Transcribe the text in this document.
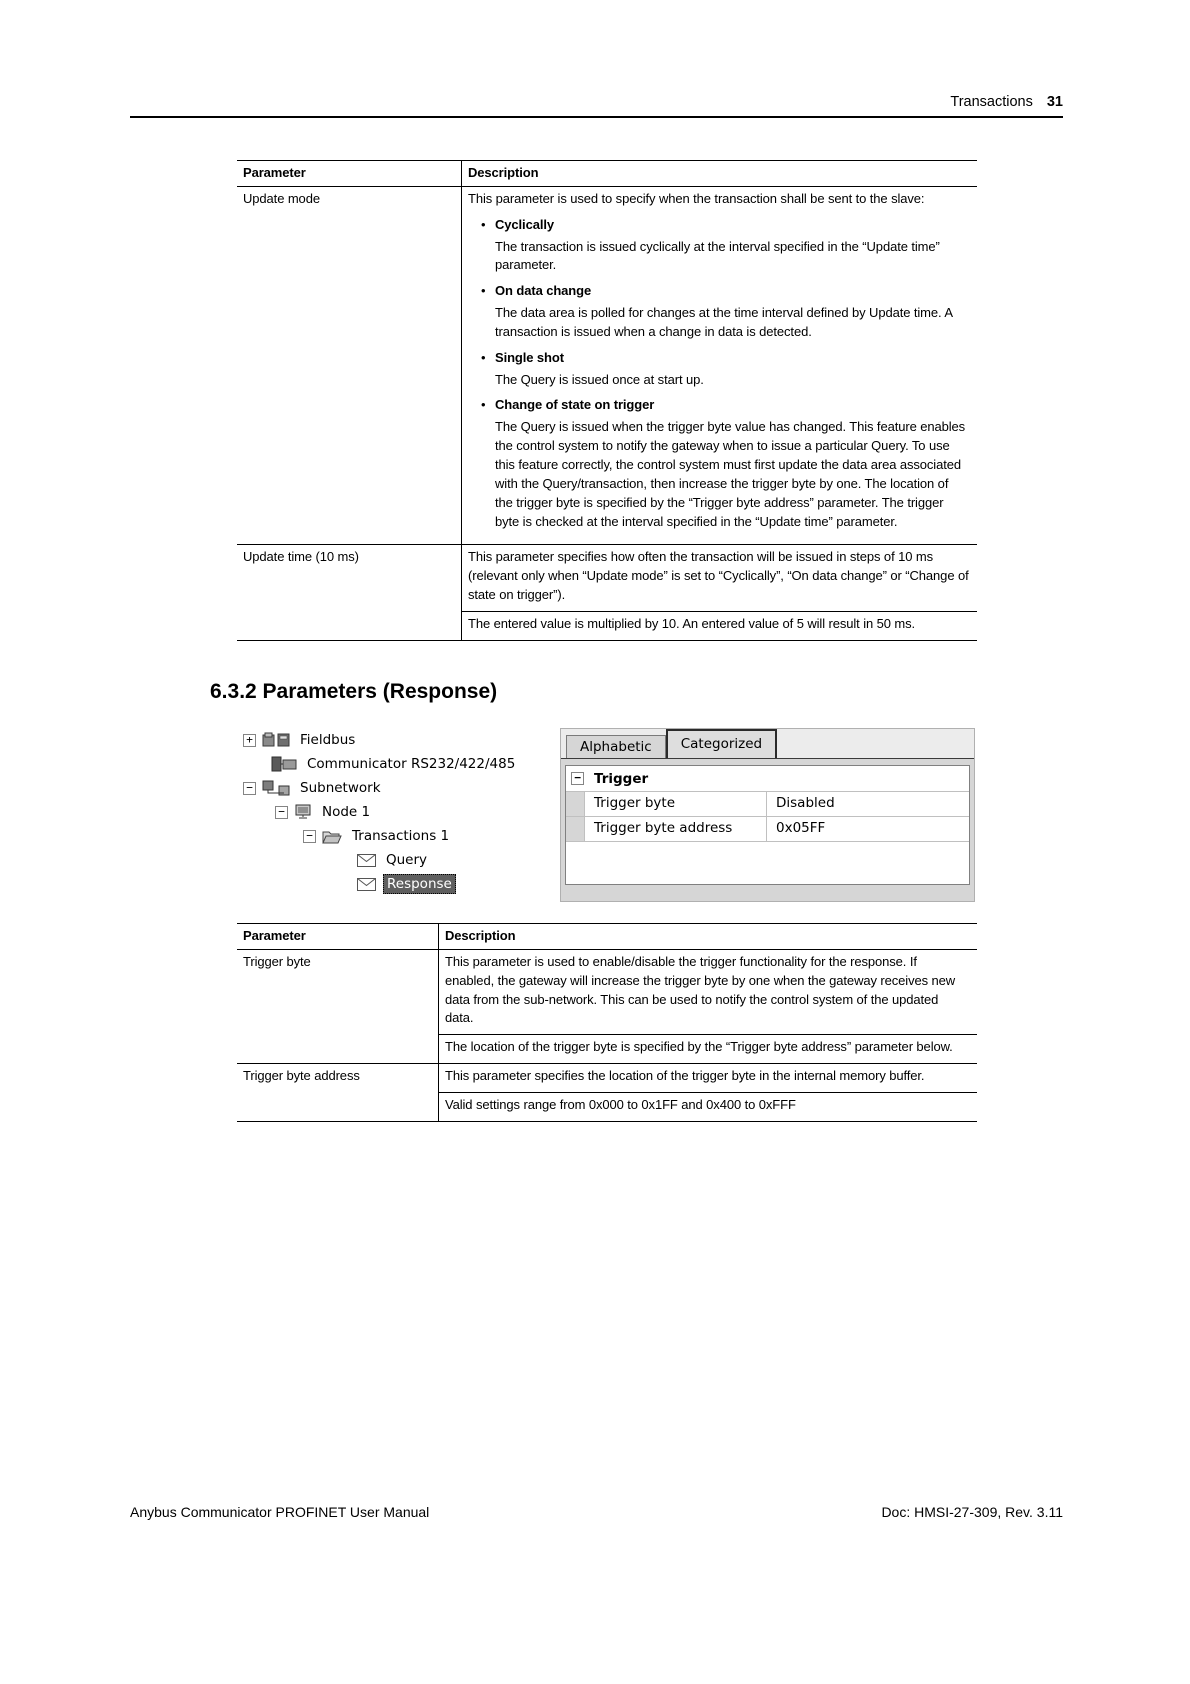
Transactions 31
Parameter	Description
Update mode	This parameter is used to specify when the transaction shall be sent to the slave:

• Cyclically

The transaction is issued cyclically at the interval specified in the “Update time” parameter.

• On data change

The data area is polled for changes at the time interval defined by Update time. A transaction is issued when a change in data is detected.

• Single shot

The Query is issued once at start up.

• Change of state on trigger

The Query is issued when the trigger byte value has changed. This feature enables the control system to notify the gateway when to issue a particular Query. To use this feature correctly, the control system must first update the data area associated with the Query/transaction, then increase the trigger byte by one. The location of the trigger byte is specified by the “Trigger byte address” parameter. The trigger byte is checked at the interval specified in the “Update time” parameter.

Update time (10 ms)	This parameter specifies how often the transaction will be issued in steps of 10 ms (relevant only when “Update mode” is set to “Cyclically”, “On data change” or “Change of state on trigger”).

The entered value is multiplied by 10. An entered value of 5 will result in 50 ms.

6.3.2 Parameters (Response)
+	Fieldbus
Communicator RS232/422/485
−	Subnetwork
−	Node 1
−	Transactions 1
Query
Response
Alphabetic	Categorized
− Trigger
Trigger byte	Disabled
Trigger byte address	0x05FF
Parameter	Description
Trigger byte	This parameter is used to enable/disable the trigger functionality for the response. If enabled, the gateway will increase the trigger byte by one when the gateway receives new data from the sub-network. This can be used to notify the control system of the updated data.

The location of the trigger byte is specified by the “Trigger byte address” parameter below.

Trigger byte address	This parameter specifies the location of the trigger byte in the internal memory buffer.

Valid settings range from 0x000 to 0x1FF and 0x400 to 0xFFF

Anybus Communicator PROFINET User Manual	Doc: HMSI-27-309, Rev. 3.11
